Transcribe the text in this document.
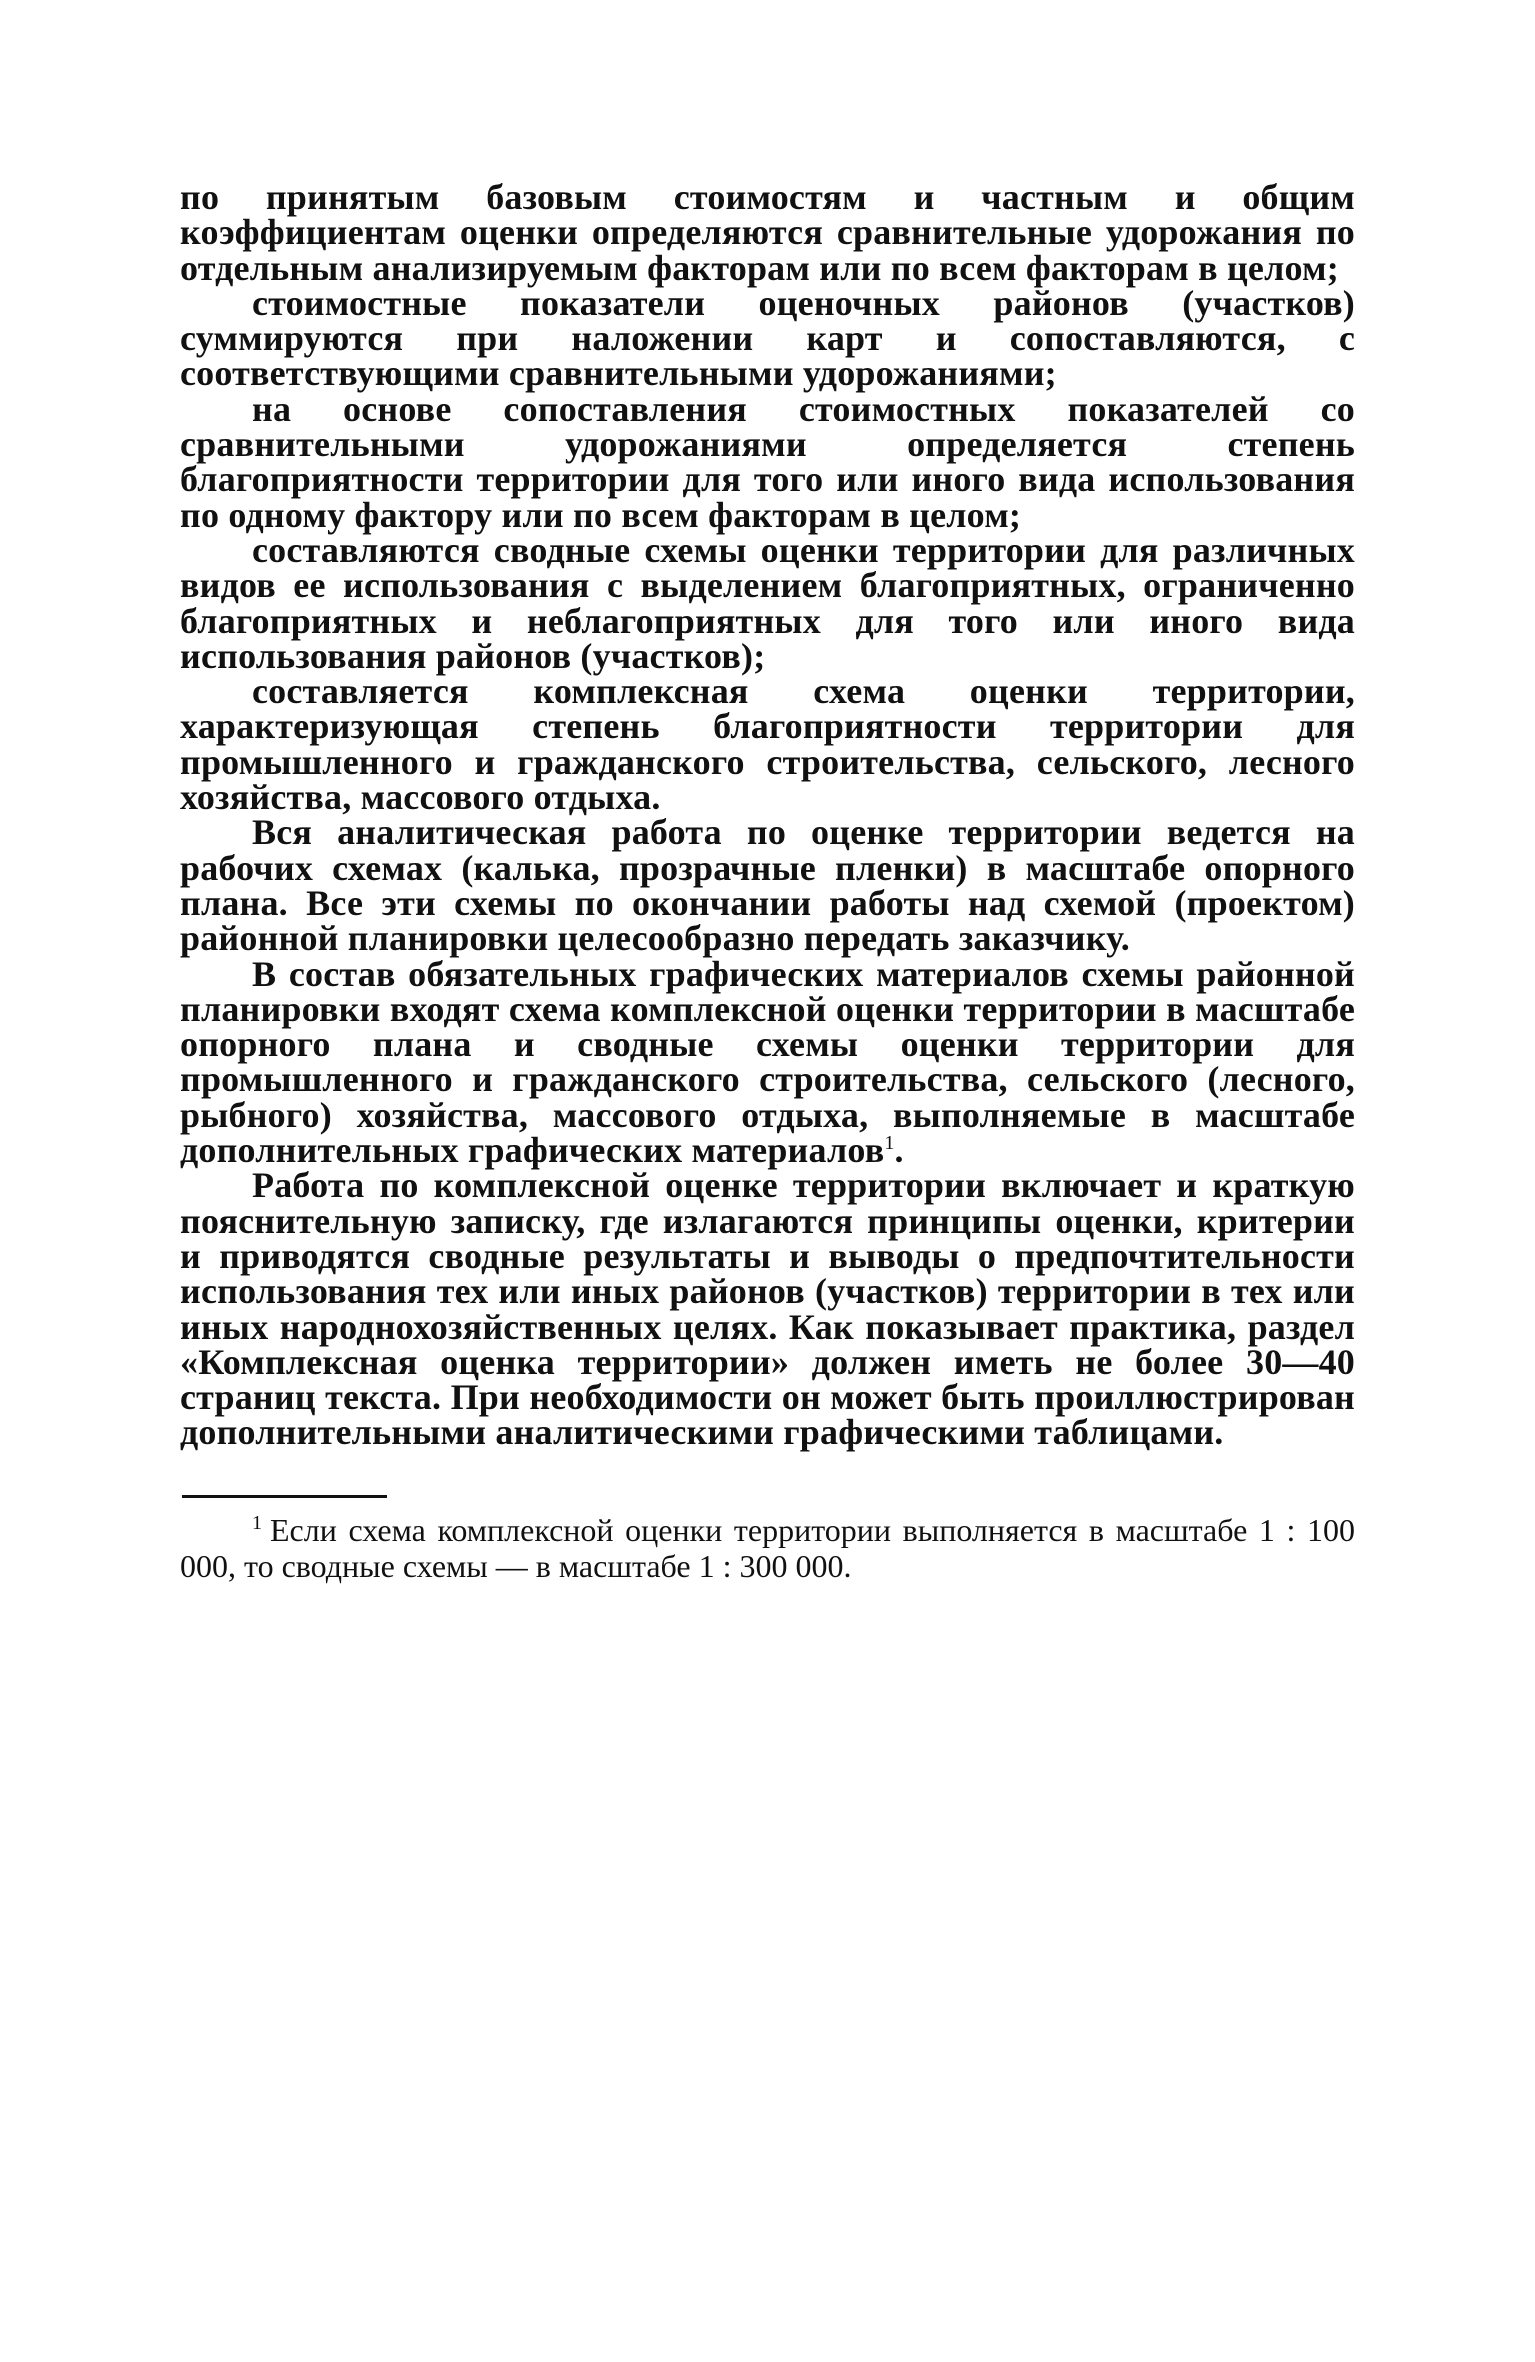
по принятым базовым стоимостям и частным и общим коэффициентам оценки определяются сравнительные удорожания по отдельным анализируемым факторам или по всем факторам в целом;

стоимостные показатели оценочных районов (участков) суммируются при наложении карт и сопоставляются, с соответствующими сравнительными удорожаниями;

на основе сопоставления стоимостных показателей со сравнительными удорожаниями определяется степень благоприятности территории для того или иного вида использования по одному фактору или по всем факторам в целом;

составляются сводные схемы оценки территории для различных видов ее использования с выделением благоприятных, ограниченно благоприятных и неблагоприятных для того или иного вида использования районов (участков);

составляется комплексная схема оценки территории, характеризующая степень благоприятности территории для промышленного и гражданского строительства, сельского, лесного хозяйства, массового отдыха.

Вся аналитическая работа по оценке территории ведется на рабочих схемах (калька, прозрачные пленки) в масштабе опорного плана. Все эти схемы по окончании работы над схемой (проектом) районной планировки целесообразно передать заказчику.

В состав обязательных графических материалов схемы районной планировки входят схема комплексной оценки территории в масштабе опорного плана и сводные схемы оценки территории для промышленного и гражданского строительства, сельского (лесного, рыбного) хозяйства, массового отдыха, выполняемые в масштабе дополнительных графических материалов$^1$.

Работа по комплексной оценке территории включает и краткую пояснительную записку, где излагаются принципы оценки, критерии и приводятся сводные результаты и выводы о предпочтительности использования тех или иных районов (участков) территории в тех или иных народнохозяйственных целях. Как показывает практика, раздел «Комплексная оценка территории» должен иметь не более 30—40 страниц текста. При необходимости он может быть проиллюстрирован дополнительными аналитическими графическими таблицами.

$^1$ Если схема комплексной оценки территории выполняется в масштабе 1 : 100 000, то сводные схемы — в масштабе 1 : 300 000.
